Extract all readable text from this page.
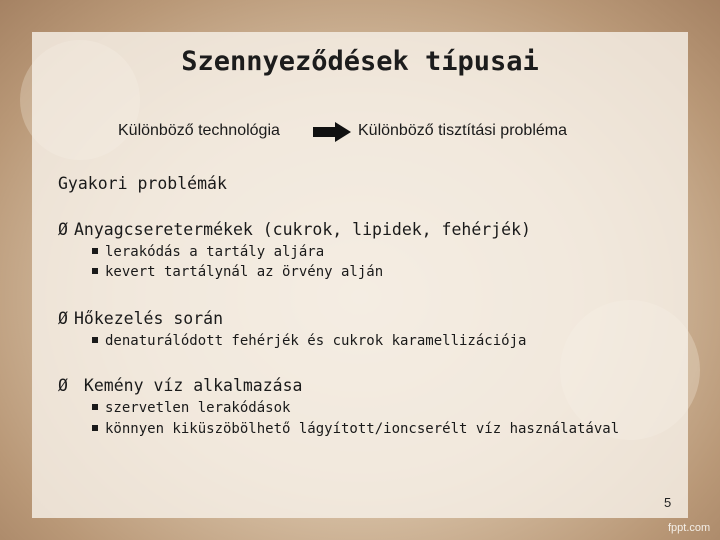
Szennyeződések típusai
Különböző technológia	Különböző tisztítási probléma
Gyakori problémák
Ø Anyagcseretermékek (cukrok, lipidek, fehérjék)
lerakódás a tartály aljára
kevert tartálynál az örvény alján
Ø Hőkezelés során
denaturálódott fehérjék és cukrok karamellizációja
Ø Kemény víz alkalmazása
szervetlen lerakódások
könnyen kiküszöbölhető lágyított/ioncserélt víz használatával
5
fppt.com
